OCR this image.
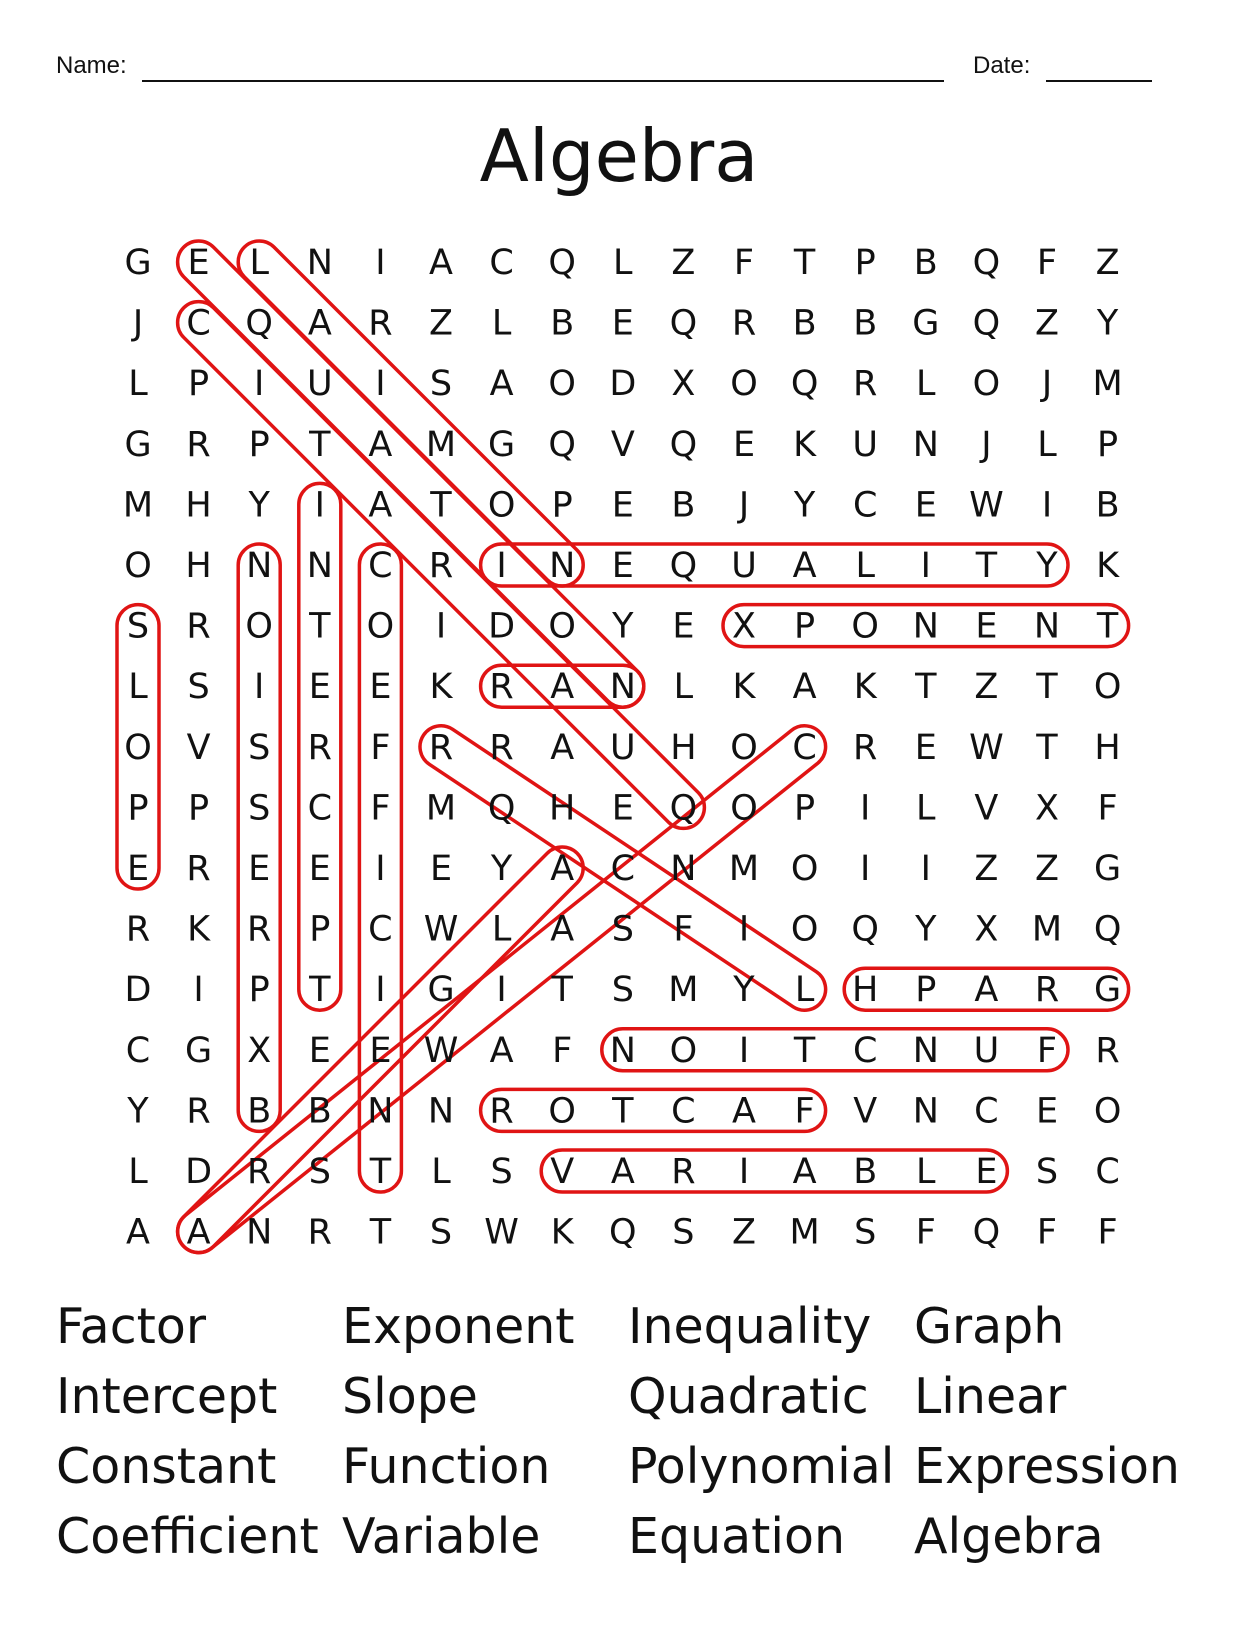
Name:	Date:
Algebra
G E L N I A C Q L Z F T P B Q F Z
J C Q A R Z L B E Q R B B G Q Z Y
L P I U I S A O D X O Q R L O J M
G R P T A M G Q V Q E K U N J L P
M H Y I A T O P E B J Y C E W I B
O H N N C R I N E Q U A L I T Y K
S R O T O I D O Y E X P O N E N T
L S I E E K R A N L K A K T Z T O
O V S R F R R A U H O C R E W T H
P P S C F M Q H E Q O P I L V X F
E R E E I E Y A C N M O I I Z Z G
R K R P C W L A S F I O Q Y X M Q
D I P T I G I T S M Y L H P A R G
C G X E E W A F N O I T C N U F R
Y R B B N N R O T C A F V N C E O
L D R S T L S V A R I A B L E S C
A A N R T S W K Q S Z M S F Q F F
Factor	Exponent	Inequality Graph
Intercept	Slope	Quadratic Linear
Constant	Function	Polynomial Expression
Coefficient Variable	Equation	Algebra
